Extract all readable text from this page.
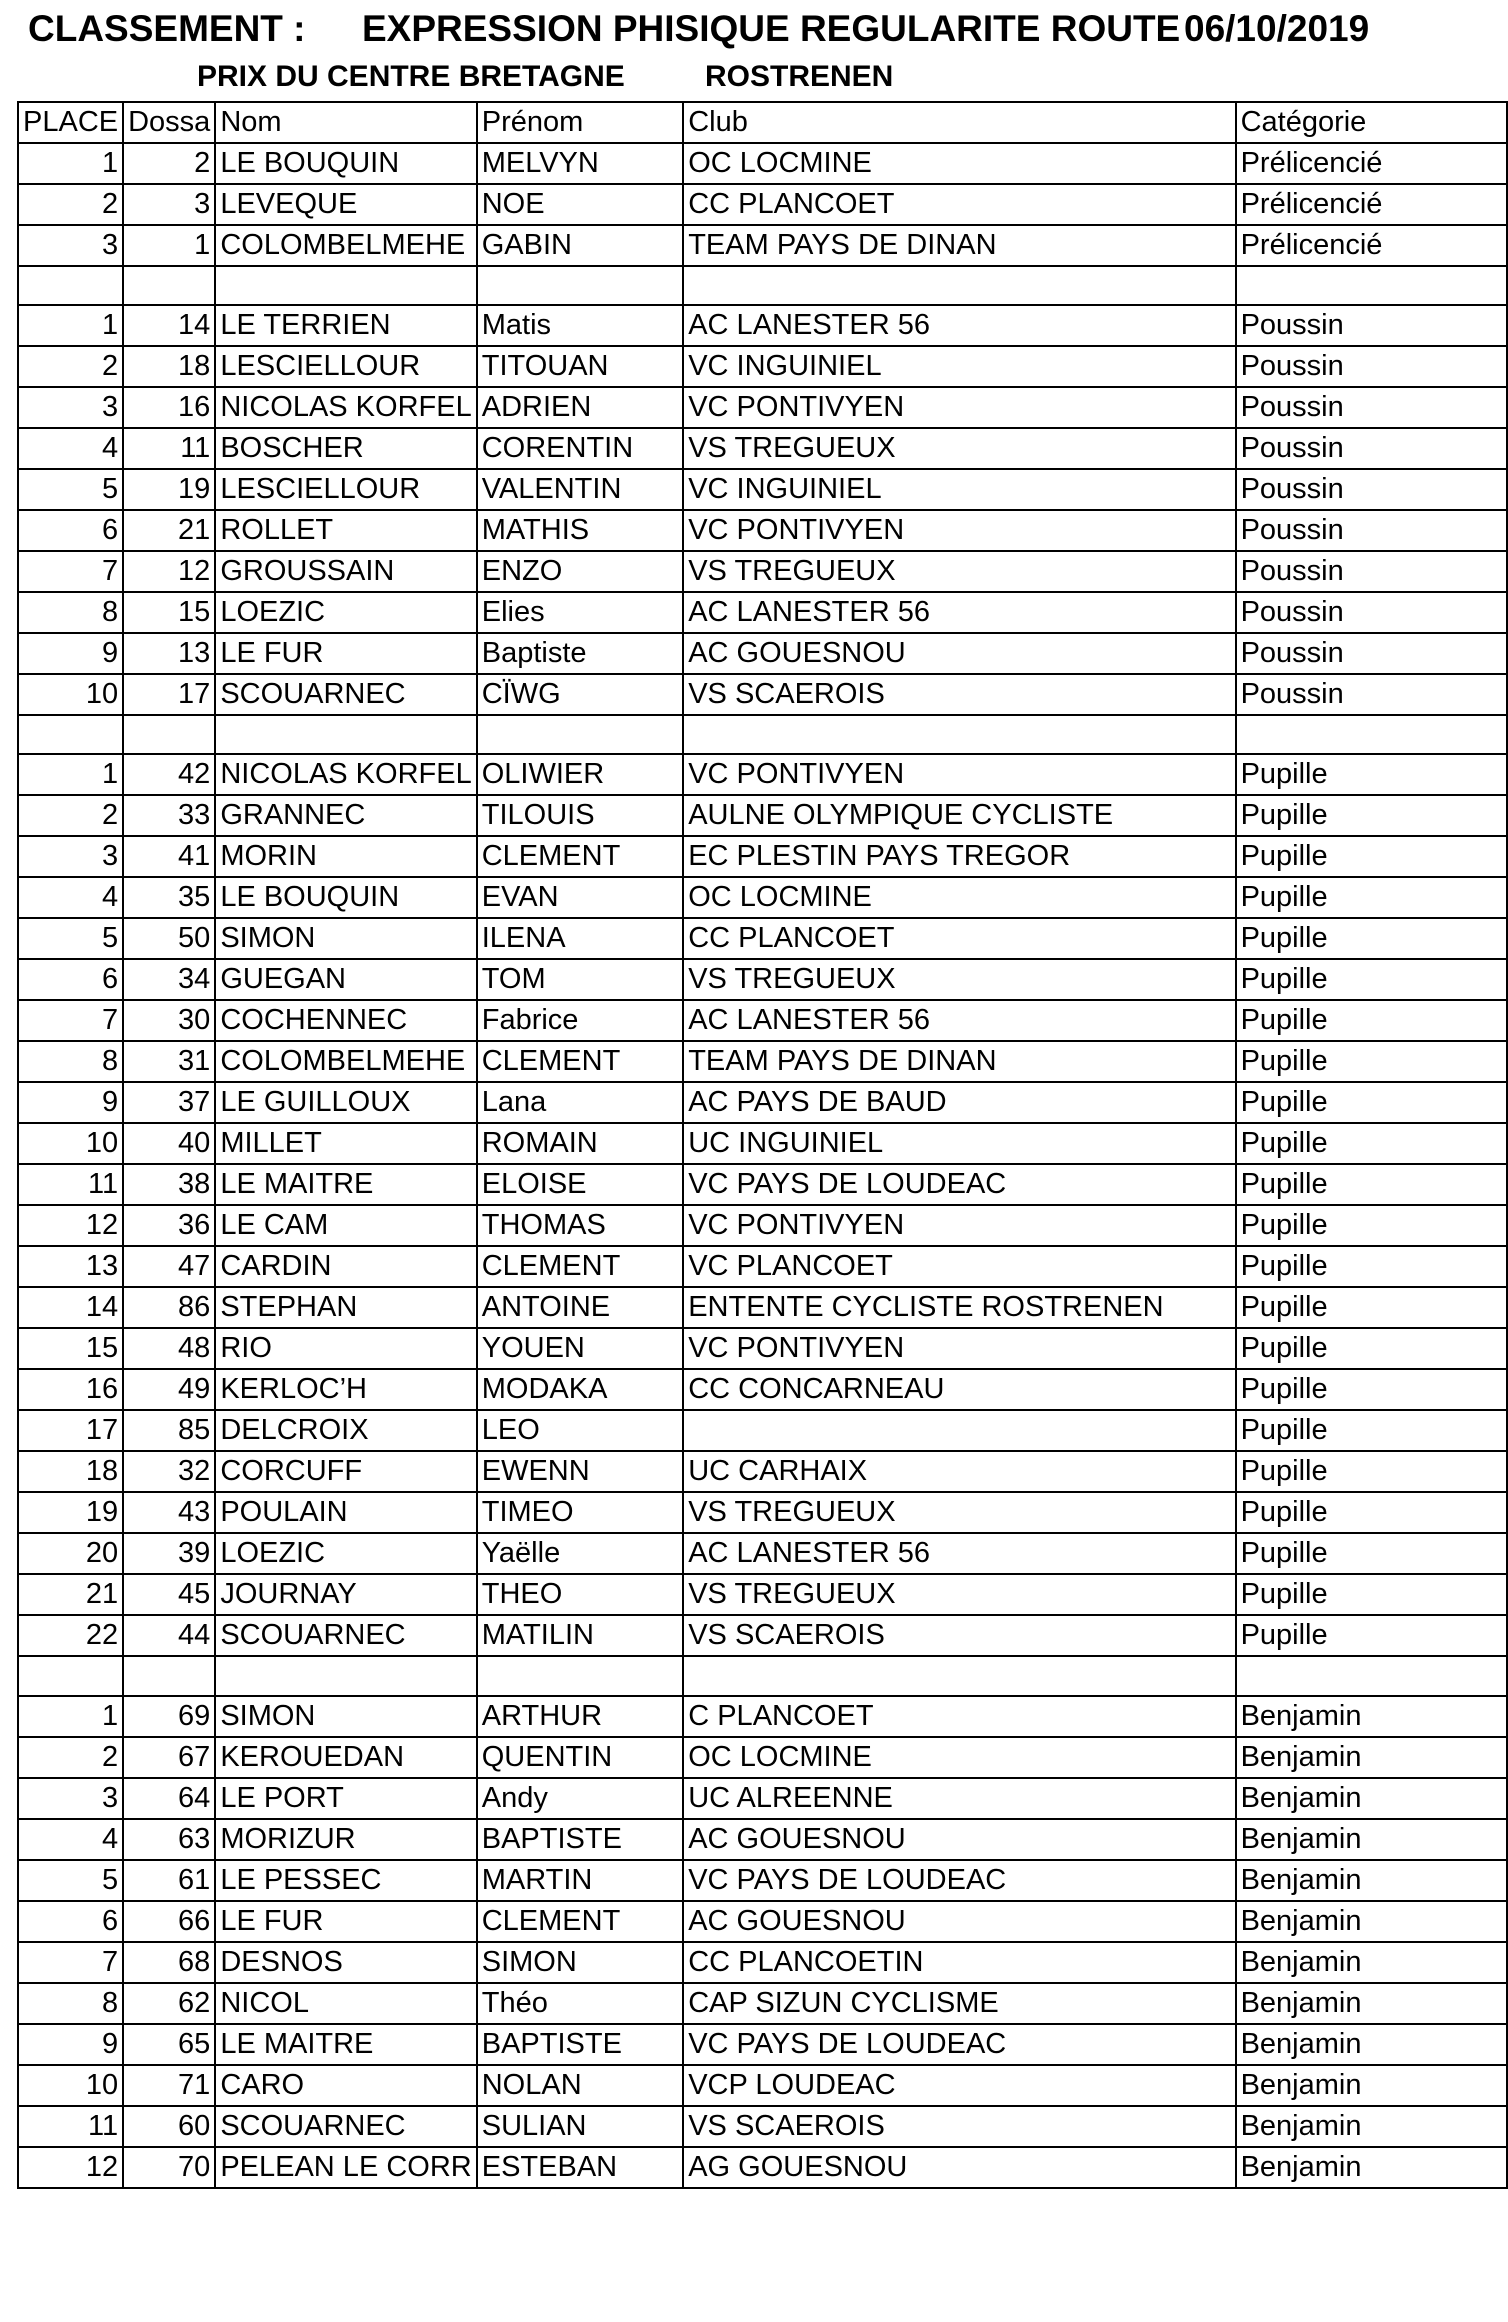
CLASSEMENT : EXPRESSION PHISIQUE REGULARITE ROUTE 06/10/2019
PRIX DU CENTRE BRETAGNE	ROSTRENEN
PLACE	Dossa	Nom	Prénom	Club	Catégorie
1	2	LE BOUQUIN	MELVYN	OC LOCMINE	Prélicencié
2	3	LEVEQUE	NOE	CC PLANCOET	Prélicencié
3	1	COLOMBELMEHE	GABIN	TEAM PAYS DE DINAN	Prélicencié

1	14	LE TERRIEN	Matis	AC LANESTER 56	Poussin
2	18	LESCIELLOUR	TITOUAN	VC INGUINIEL	Poussin
3	16	NICOLAS KORFEL	ADRIEN	VC PONTIVYEN	Poussin
4	11	BOSCHER	CORENTIN	VS TREGUEUX	Poussin
5	19	LESCIELLOUR	VALENTIN	VC INGUINIEL	Poussin
6	21	ROLLET	MATHIS	VC PONTIVYEN	Poussin
7	12	GROUSSAIN	ENZO	VS TREGUEUX	Poussin
8	15	LOEZIC	Elies	AC LANESTER 56	Poussin
9	13	LE FUR	Baptiste	AC GOUESNOU	Poussin
10	17	SCOUARNEC	CÏWG	VS SCAEROIS	Poussin

1	42	NICOLAS KORFEL	OLIWIER	VC PONTIVYEN	Pupille
2	33	GRANNEC	TILOUIS	AULNE OLYMPIQUE CYCLISTE	Pupille
3	41	MORIN	CLEMENT	EC PLESTIN PAYS TREGOR	Pupille
4	35	LE BOUQUIN	EVAN	OC LOCMINE	Pupille
5	50	SIMON	ILENA	CC PLANCOET	Pupille
6	34	GUEGAN	TOM	VS TREGUEUX	Pupille
7	30	COCHENNEC	Fabrice	AC LANESTER 56	Pupille
8	31	COLOMBELMEHE	CLEMENT	TEAM PAYS DE DINAN	Pupille
9	37	LE GUILLOUX	Lana	AC PAYS DE BAUD	Pupille
10	40	MILLET	ROMAIN	UC INGUINIEL	Pupille
11	38	LE MAITRE	ELOISE	VC PAYS DE LOUDEAC	Pupille
12	36	LE CAM	THOMAS	VC PONTIVYEN	Pupille
13	47	CARDIN	CLEMENT	VC PLANCOET	Pupille
14	86	STEPHAN	ANTOINE	ENTENTE CYCLISTE ROSTRENEN	Pupille
15	48	RIO	YOUEN	VC PONTIVYEN	Pupille
16	49	KERLOC’H	MODAKA	CC CONCARNEAU	Pupille
17	85	DELCROIX	LEO		Pupille
18	32	CORCUFF	EWENN	UC CARHAIX	Pupille
19	43	POULAIN	TIMEO	VS TREGUEUX	Pupille
20	39	LOEZIC	Yaëlle	AC LANESTER 56	Pupille
21	45	JOURNAY	THEO	VS TREGUEUX	Pupille
22	44	SCOUARNEC	MATILIN	VS SCAEROIS	Pupille

1	69	SIMON	ARTHUR	C PLANCOET	Benjamin
2	67	KEROUEDAN	QUENTIN	OC LOCMINE	Benjamin
3	64	LE PORT	Andy	UC ALREENNE	Benjamin
4	63	MORIZUR	BAPTISTE	AC GOUESNOU	Benjamin
5	61	LE PESSEC	MARTIN	VC PAYS DE LOUDEAC	Benjamin
6	66	LE FUR	CLEMENT	AC GOUESNOU	Benjamin
7	68	DESNOS	SIMON	CC PLANCOETIN	Benjamin
8	62	NICOL	Théo	CAP SIZUN CYCLISME	Benjamin
9	65	LE MAITRE	BAPTISTE	VC PAYS DE LOUDEAC	Benjamin
10	71	CARO	NOLAN	VCP LOUDEAC	Benjamin
11	60	SCOUARNEC	SULIAN	VS SCAEROIS	Benjamin
12	70	PELEAN LE CORR	ESTEBAN	AG GOUESNOU	Benjamin
